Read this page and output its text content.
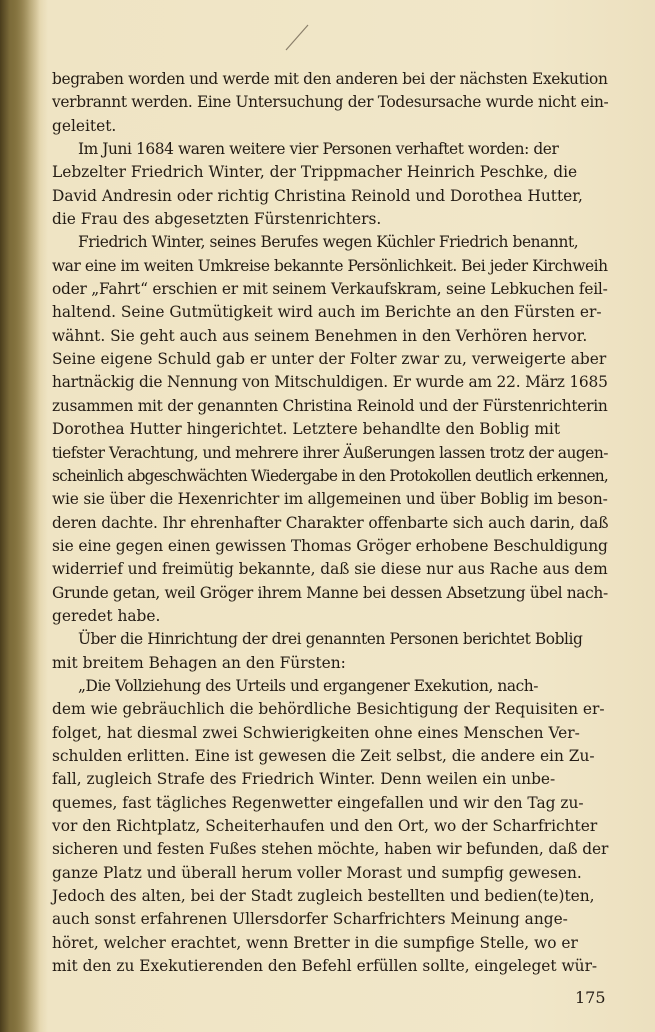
begraben worden und werde mit den anderen bei der nächsten Exekution
verbrannt werden. Eine Untersuchung der Todesursache wurde nicht ein-
geleitet.

Im Juni 1684 waren weitere vier Personen verhaftet worden: der
Lebzelter Friedrich Winter, der Trippmacher Heinrich Peschke, die
David Andresin oder richtig Christina Reinold und Dorothea Hutter,
die Frau des abgesetzten Fürstenrichters.

Friedrich Winter, seines Berufes wegen Küchler Friedrich benannt,
war eine im weiten Umkreise bekannte Persönlichkeit. Bei jeder Kirchweih
oder „Fahrt“ erschien er mit seinem Verkaufskram, seine Lebkuchen feil-
haltend. Seine Gutmütigkeit wird auch im Berichte an den Fürsten er-
wähnt. Sie geht auch aus seinem Benehmen in den Verhören hervor.
Seine eigene Schuld gab er unter der Folter zwar zu, verweigerte aber
hartnäckig die Nennung von Mitschuldigen. Er wurde am 22. März 1685
zusammen mit der genannten Christina Reinold und der Fürstenrichterin
Dorothea Hutter hingerichtet. Letztere behandlte den Boblig mit
tiefster Verachtung, und mehrere ihrer Äußerungen lassen trotz der augen-
scheinlich abgeschwächten Wiedergabe in den Protokollen deutlich erkennen,
wie sie über die Hexenrichter im allgemeinen und über Boblig im beson-
deren dachte. Ihr ehrenhafter Charakter offenbarte sich auch darin, daß
sie eine gegen einen gewissen Thomas Gröger erhobene Beschuldigung
widerrief und freimütig bekannte, daß sie diese nur aus Rache aus dem
Grunde getan, weil Gröger ihrem Manne bei dessen Absetzung übel nach-
geredet habe.

Über die Hinrichtung der drei genannten Personen berichtet Boblig
mit breitem Behagen an den Fürsten:

„Die Vollziehung des Urteils und ergangener Exekution, nach-
dem wie gebräuchlich die behördliche Besichtigung der Requisiten er-
folget, hat diesmal zwei Schwierigkeiten ohne eines Menschen Ver-
schulden erlitten. Eine ist gewesen die Zeit selbst, die andere ein Zu-
fall, zugleich Strafe des Friedrich Winter. Denn weilen ein unbe-
quemes, fast tägliches Regenwetter eingefallen und wir den Tag zu-
vor den Richtplatz, Scheiterhaufen und den Ort, wo der Scharfrichter
sicheren und festen Fußes stehen möchte, haben wir befunden, daß der
ganze Platz und überall herum voller Morast und sumpfig gewesen.
Jedoch des alten, bei der Stadt zugleich bestellten und bedien(te)ten,
auch sonst erfahrenen Ullersdorfer Scharfrichters Meinung ange-
höret, welcher erachtet, wenn Bretter in die sumpfige Stelle, wo er
mit den zu Exekutierenden den Befehl erfüllen sollte, eingeleget wür-

175
